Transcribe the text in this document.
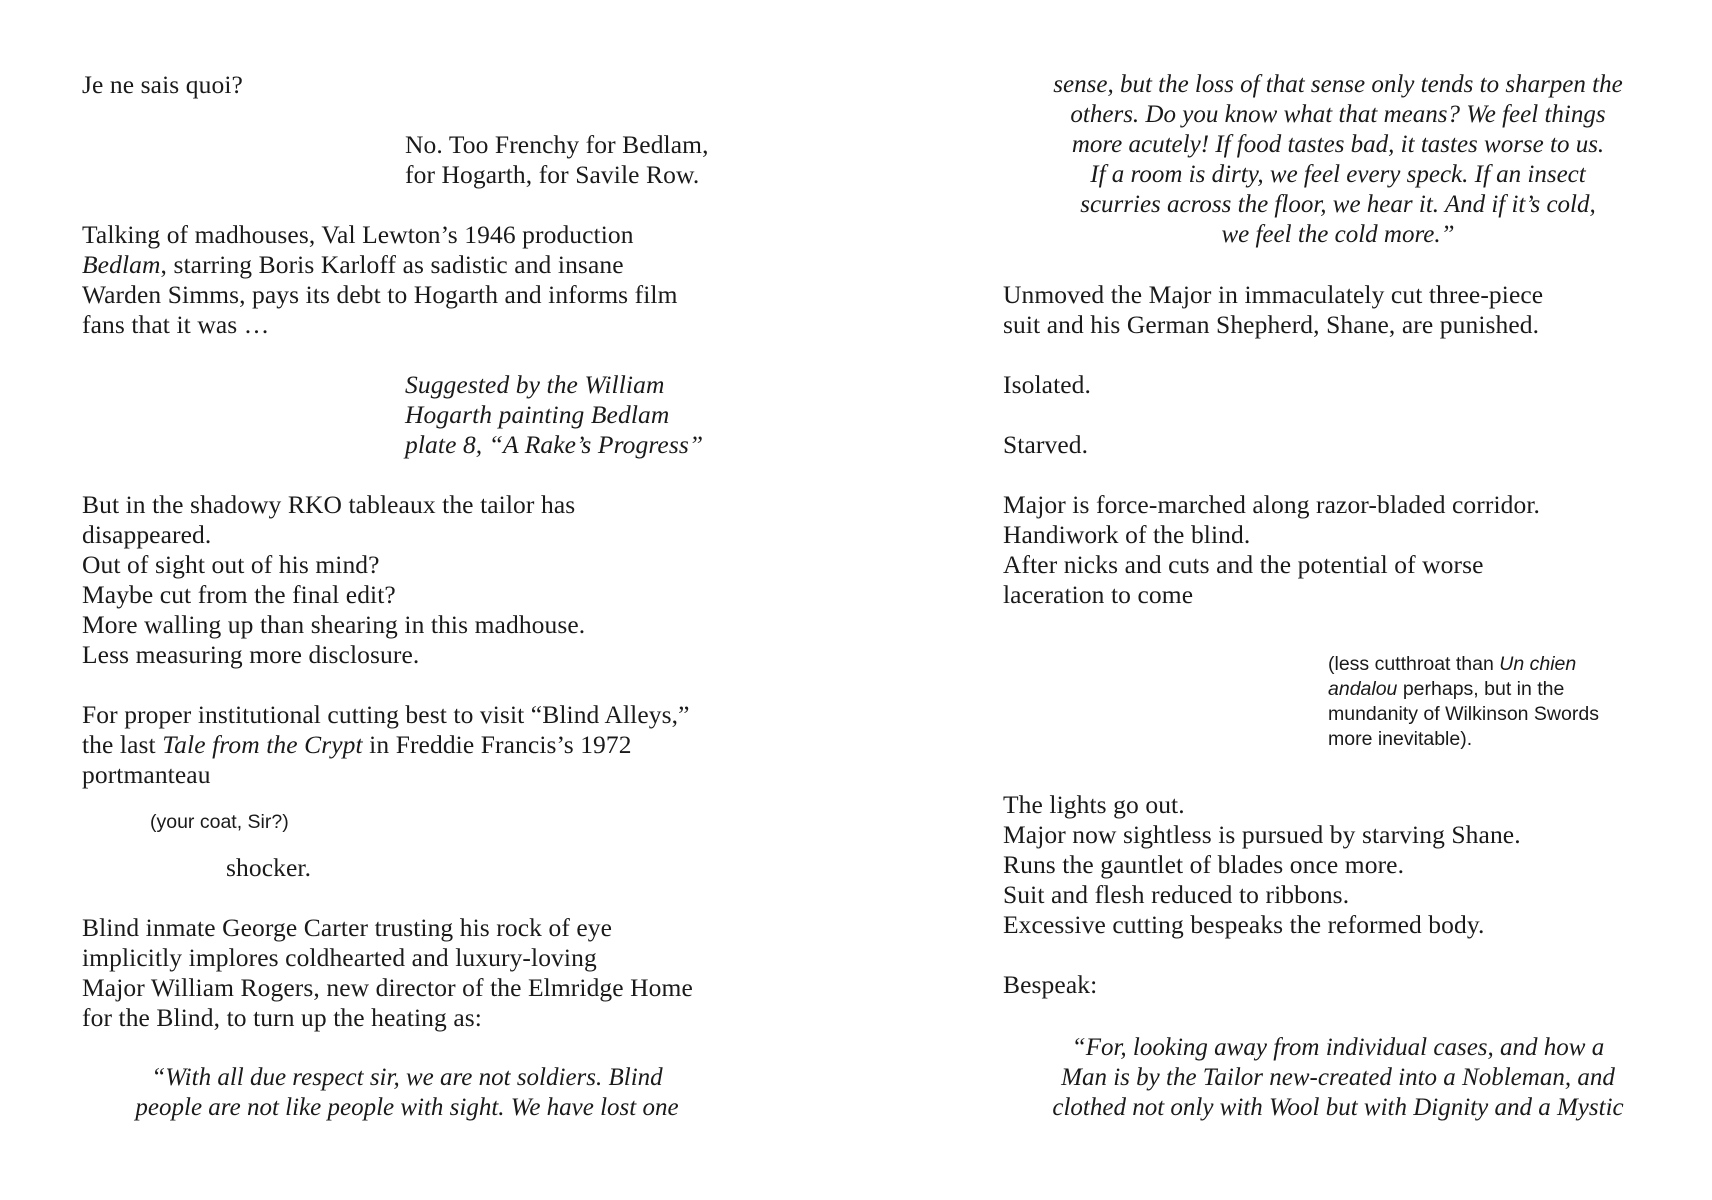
Je ne sais quoi?

No. Too Frenchy for Bedlam,
for Hogarth, for Savile Row.

Talking of madhouses, Val Lewton’s 1946 production
Bedlam, starring Boris Karloff as sadistic and insane
Warden Simms, pays its debt to Hogarth and informs film
fans that it was …

Suggested by the William
Hogarth painting Bedlam
plate 8, “A Rake’s Progress”

But in the shadowy RKO tableaux the tailor has
disappeared.
Out of sight out of his mind?
Maybe cut from the final edit?
More walling up than shearing in this madhouse.
Less measuring more disclosure.

For proper institutional cutting best to visit “Blind Alleys,”
the last Tale from the Crypt in Freddie Francis’s 1972
portmanteau

(your coat, Sir?)

shocker.

Blind inmate George Carter trusting his rock of eye
implicitly implores coldhearted and luxury-loving
Major William Rogers, new director of the Elmridge Home
for the Blind, to turn up the heating as:

“With all due respect sir, we are not soldiers. Blind
people are not like people with sight. We have lost one

sense, but the loss of that sense only tends to sharpen the
others. Do you know what that means? We feel things
more acutely! If food tastes bad, it tastes worse to us.
If a room is dirty, we feel every speck. If an insect
scurries across the floor, we hear it. And if it’s cold,
we feel the cold more.”

Unmoved the Major in immaculately cut three-piece
suit and his German Shepherd, Shane, are punished.

Isolated.

Starved.

Major is force-marched along razor-bladed corridor.
Handiwork of the blind.
After nicks and cuts and the potential of worse
laceration to come

(less cutthroat than Un chien
andalou perhaps, but in the
mundanity of Wilkinson Swords
more inevitable).

The lights go out.
Major now sightless is pursued by starving Shane.
Runs the gauntlet of blades once more.
Suit and flesh reduced to ribbons.
Excessive cutting bespeaks the reformed body.

Bespeak:

“For, looking away from individual cases, and how a
Man is by the Tailor new-created into a Nobleman, and
clothed not only with Wool but with Dignity and a Mystic
